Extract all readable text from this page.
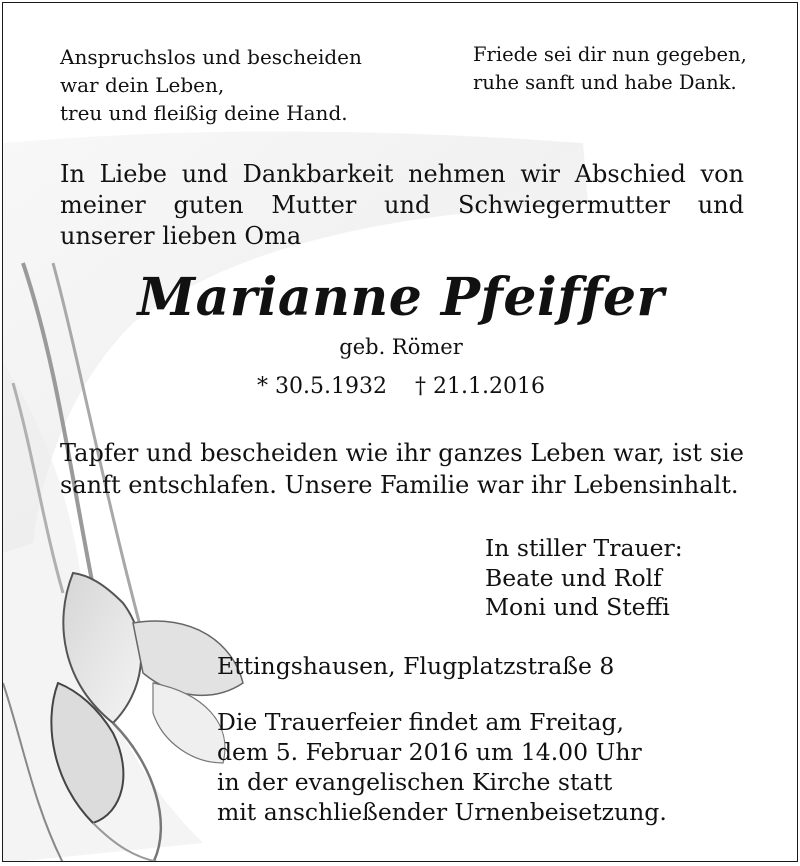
Anspruchslos und bescheiden
war dein Leben,
treu und fleißig deine Hand.
Friede sei dir nun gegeben,
ruhe sanft und habe Dank.
In Liebe und Dankbarkeit nehmen wir Abschied von meiner guten Mutter und Schwiegermutter und unserer lieben Oma
Marianne Pfeiffer
geb. Römer
* 30.5.1932 † 21.1.2016
Tapfer und bescheiden wie ihr ganzes Leben war, ist sie sanft entschlafen. Unsere Familie war ihr Lebensinhalt.
In stiller Trauer:
Beate und Rolf
Moni und Steffi
Ettingshausen, Flugplatzstraße 8
Die Trauerfeier findet am Freitag,
dem 5. Februar 2016 um 14.00 Uhr
in der evangelischen Kirche statt
mit anschließender Urnenbeisetzung.
